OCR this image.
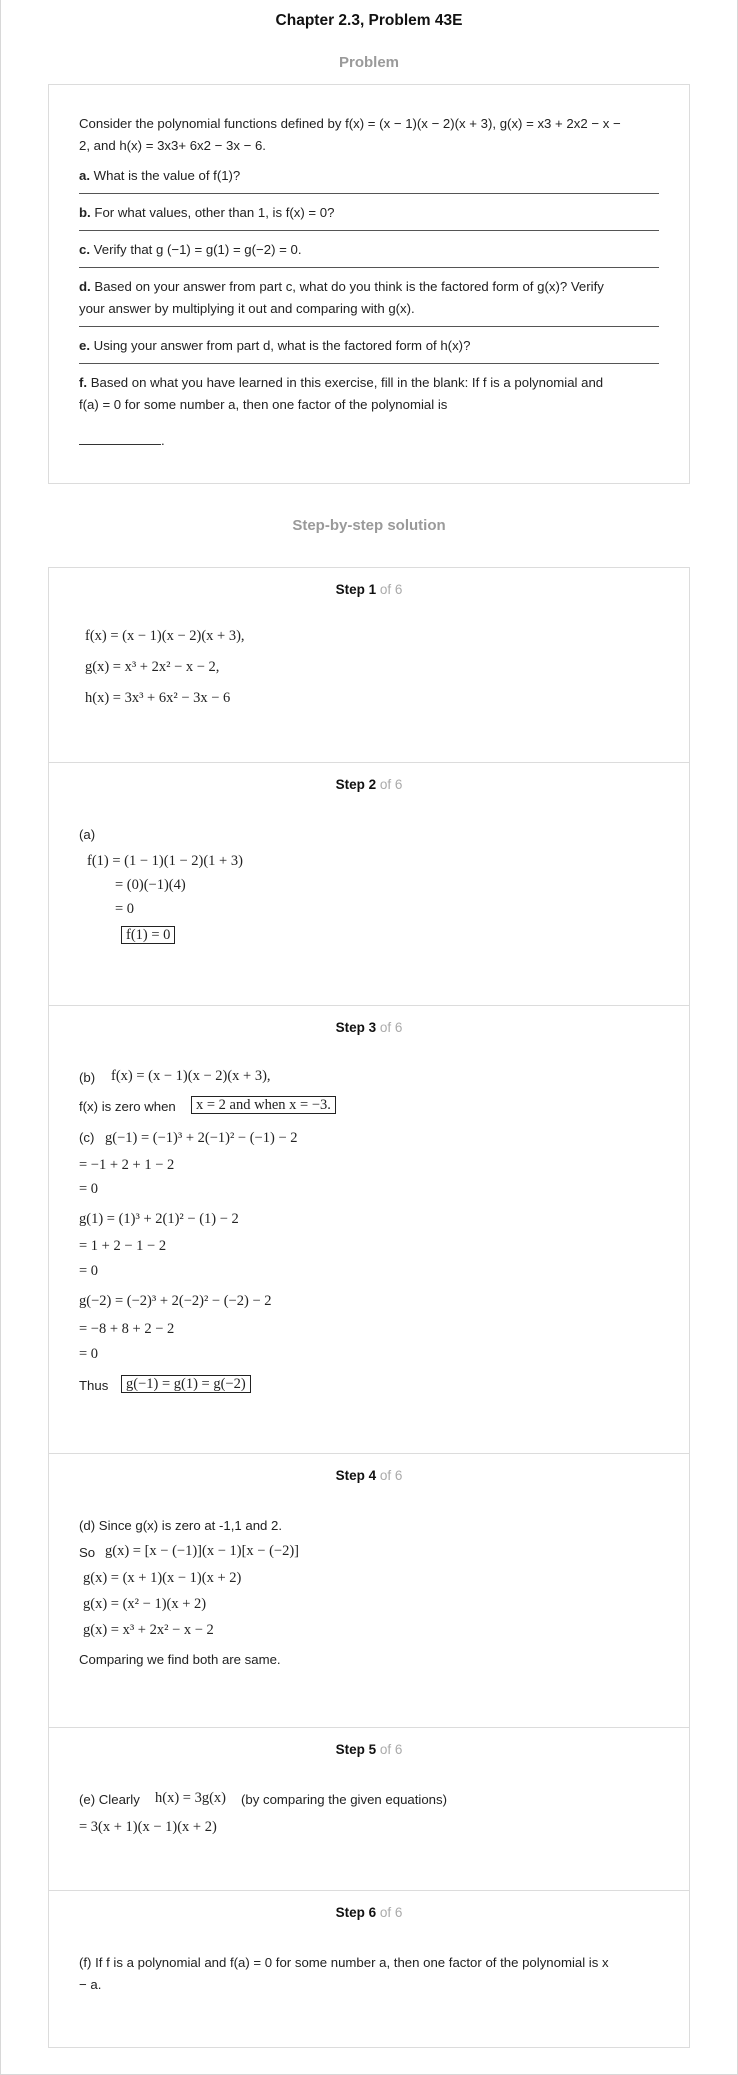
Chapter 2.3, Problem 43E
Problem
Consider the polynomial functions defined by f(x) = (x − 1)(x − 2)(x + 3), g(x) = x3 + 2x2 − x −
2, and h(x) = 3x3+ 6x2 − 3x − 6.
a. What is the value of f(1)?
b. For what values, other than 1, is f(x) = 0?
c. Verify that g (−1) = g(1) = g(−2) = 0.
d. Based on your answer from part c, what do you think is the factored form of g(x)? Verify
your answer by multiplying it out and comparing with g(x).
e. Using your answer from part d, what is the factored form of h(x)?
f. Based on what you have learned in this exercise, fill in the blank: If f is a polynomial and
f(a) = 0 for some number a, then one factor of the polynomial is
.
Step-by-step solution
Step 1 of 6
f(x) = (x − 1)(x − 2)(x + 3),
g(x) = x³ + 2x² − x − 2,
h(x) = 3x³ + 6x² − 3x − 6
Step 2 of 6
(a)
f(1) = (1 − 1)(1 − 2)(1 + 3)
= (0)(−1)(4)
= 0
f(1) = 0
Step 3 of 6
(b) f(x) = (x − 1)(x − 2)(x + 3),
f(x) is zero when	x = 2 and when x = −3.
(c) g(−1) = (−1)³ + 2(−1)² − (−1) − 2
= −1 + 2 + 1 − 2
= 0
g(1) = (1)³ + 2(1)² − (1) − 2
= 1 + 2 − 1 − 2
= 0
g(−2) = (−2)³ + 2(−2)² − (−2) − 2
= −8 + 8 + 2 − 2
= 0
Thus	g(−1) = g(1) = g(−2)
Step 4 of 6
(d) Since g(x) is zero at -1,1 and 2.
So g(x) = [x − (−1)](x − 1)[x − (−2)]
g(x) = (x + 1)(x − 1)(x + 2)
g(x) = (x² − 1)(x + 2)
g(x) = x³ + 2x² − x − 2
Comparing we find both are same.
Step 5 of 6
(e) Clearly h(x) = 3g(x) (by comparing the given equations)
= 3(x + 1)(x − 1)(x + 2)
Step 6 of 6
(f) If f is a polynomial and f(a) = 0 for some number a, then one factor of the polynomial is x
− a.
